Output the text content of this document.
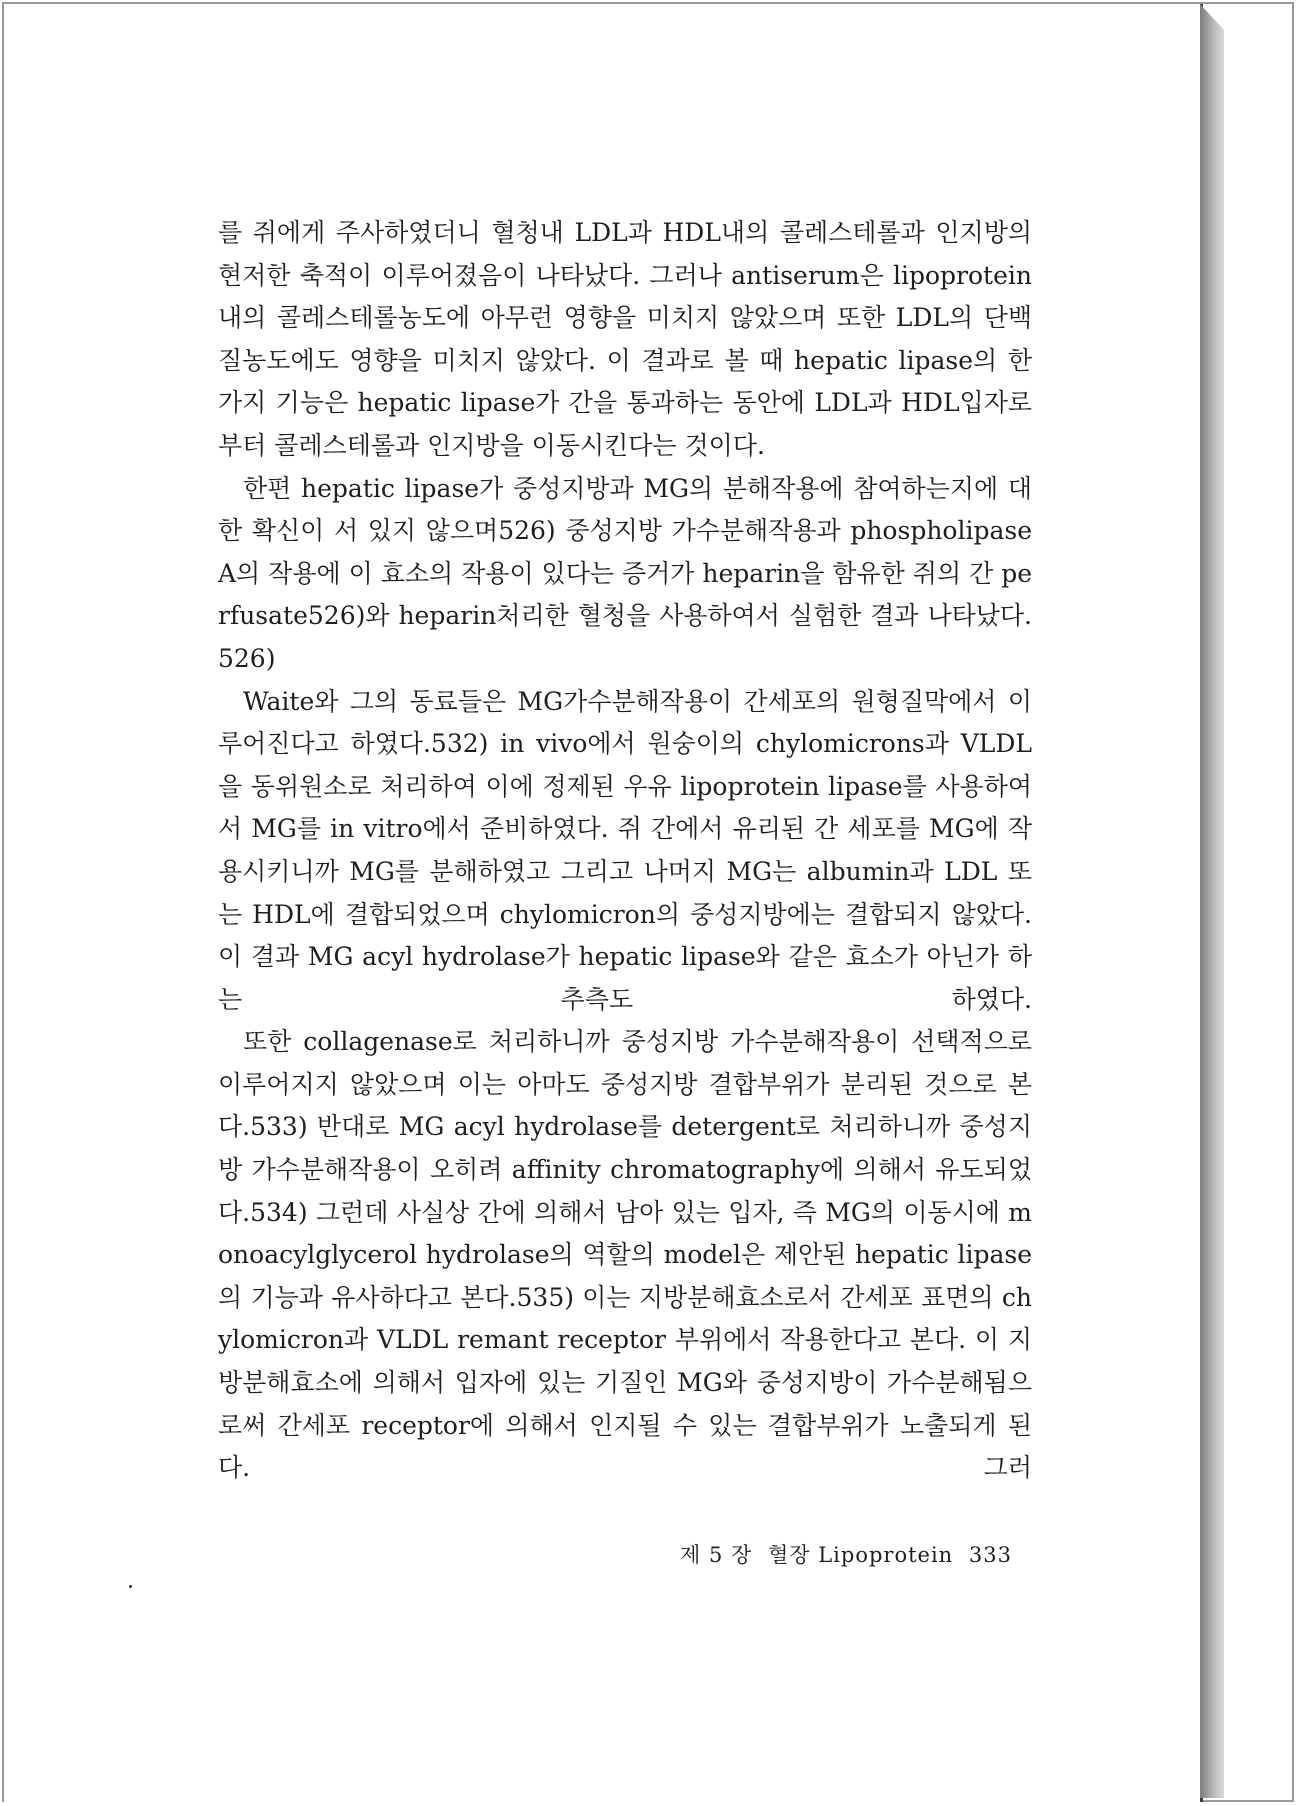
를 쥐에게 주사하였더니 혈청내 LDL과 HDL내의 콜레스테롤과 인지방의 현저한 축적이 이루어졌음이 나타났다. 그러나 antiserum은 lipoprotein 내의 콜레스테롤농도에 아무런 영향을 미치지 않았으며 또한 LDL의 단백질농도에도 영향을 미치지 않았다. 이 결과로 볼 때 hepatic lipase의 한 가지 기능은 hepatic lipase가 간을 통과하는 동안에 LDL과 HDL입자로부터 콜레스테롤과 인지방을 이동시킨다는 것이다.

한편 hepatic lipase가 중성지방과 MG의 분해작용에 참여하는지에 대한 확신이 서 있지 않으며526) 중성지방 가수분해작용과 phospholipase A의 작용에 이 효소의 작용이 있다는 증거가 heparin을 함유한 쥐의 간 perfusate526)와 heparin처리한 혈청을 사용하여서 실험한 결과 나타났다.526)

Waite와 그의 동료들은 MG가수분해작용이 간세포의 원형질막에서 이루어진다고 하였다.532) in vivo에서 원숭이의 chylomicrons과 VLDL을 동위원소로 처리하여 이에 정제된 우유 lipoprotein lipase를 사용하여서 MG를 in vitro에서 준비하였다. 쥐 간에서 유리된 간 세포를 MG에 작용시키니까 MG를 분해하였고 그리고 나머지 MG는 albumin과 LDL 또는 HDL에 결합되었으며 chylomicron의 중성지방에는 결합되지 않았다. 이 결과 MG acyl hydrolase가 hepatic lipase와 같은 효소가 아닌가 하는 추측도 하였다.

또한 collagenase로 처리하니까 중성지방 가수분해작용이 선택적으로 이루어지지 않았으며 이는 아마도 중성지방 결합부위가 분리된 것으로 본다.533) 반대로 MG acyl hydrolase를 detergent로 처리하니까 중성지방 가수분해작용이 오히려 affinity chromatography에 의해서 유도되었다.534) 그런데 사실상 간에 의해서 남아 있는 입자, 즉 MG의 이동시에 monoacylglycerol hydrolase의 역할의 model은 제안된 hepatic lipase의 기능과 유사하다고 본다.535) 이는 지방분해효소로서 간세포 표면의 chylomicron과 VLDL remant receptor 부위에서 작용한다고 본다. 이 지방분해효소에 의해서 입자에 있는 기질인 MG와 중성지방이 가수분해됨으로써 간세포 receptor에 의해서 인지될 수 있는 결합부위가 노출되게 된다. 그러

제 5 장 혈장 Lipoprotein 333
